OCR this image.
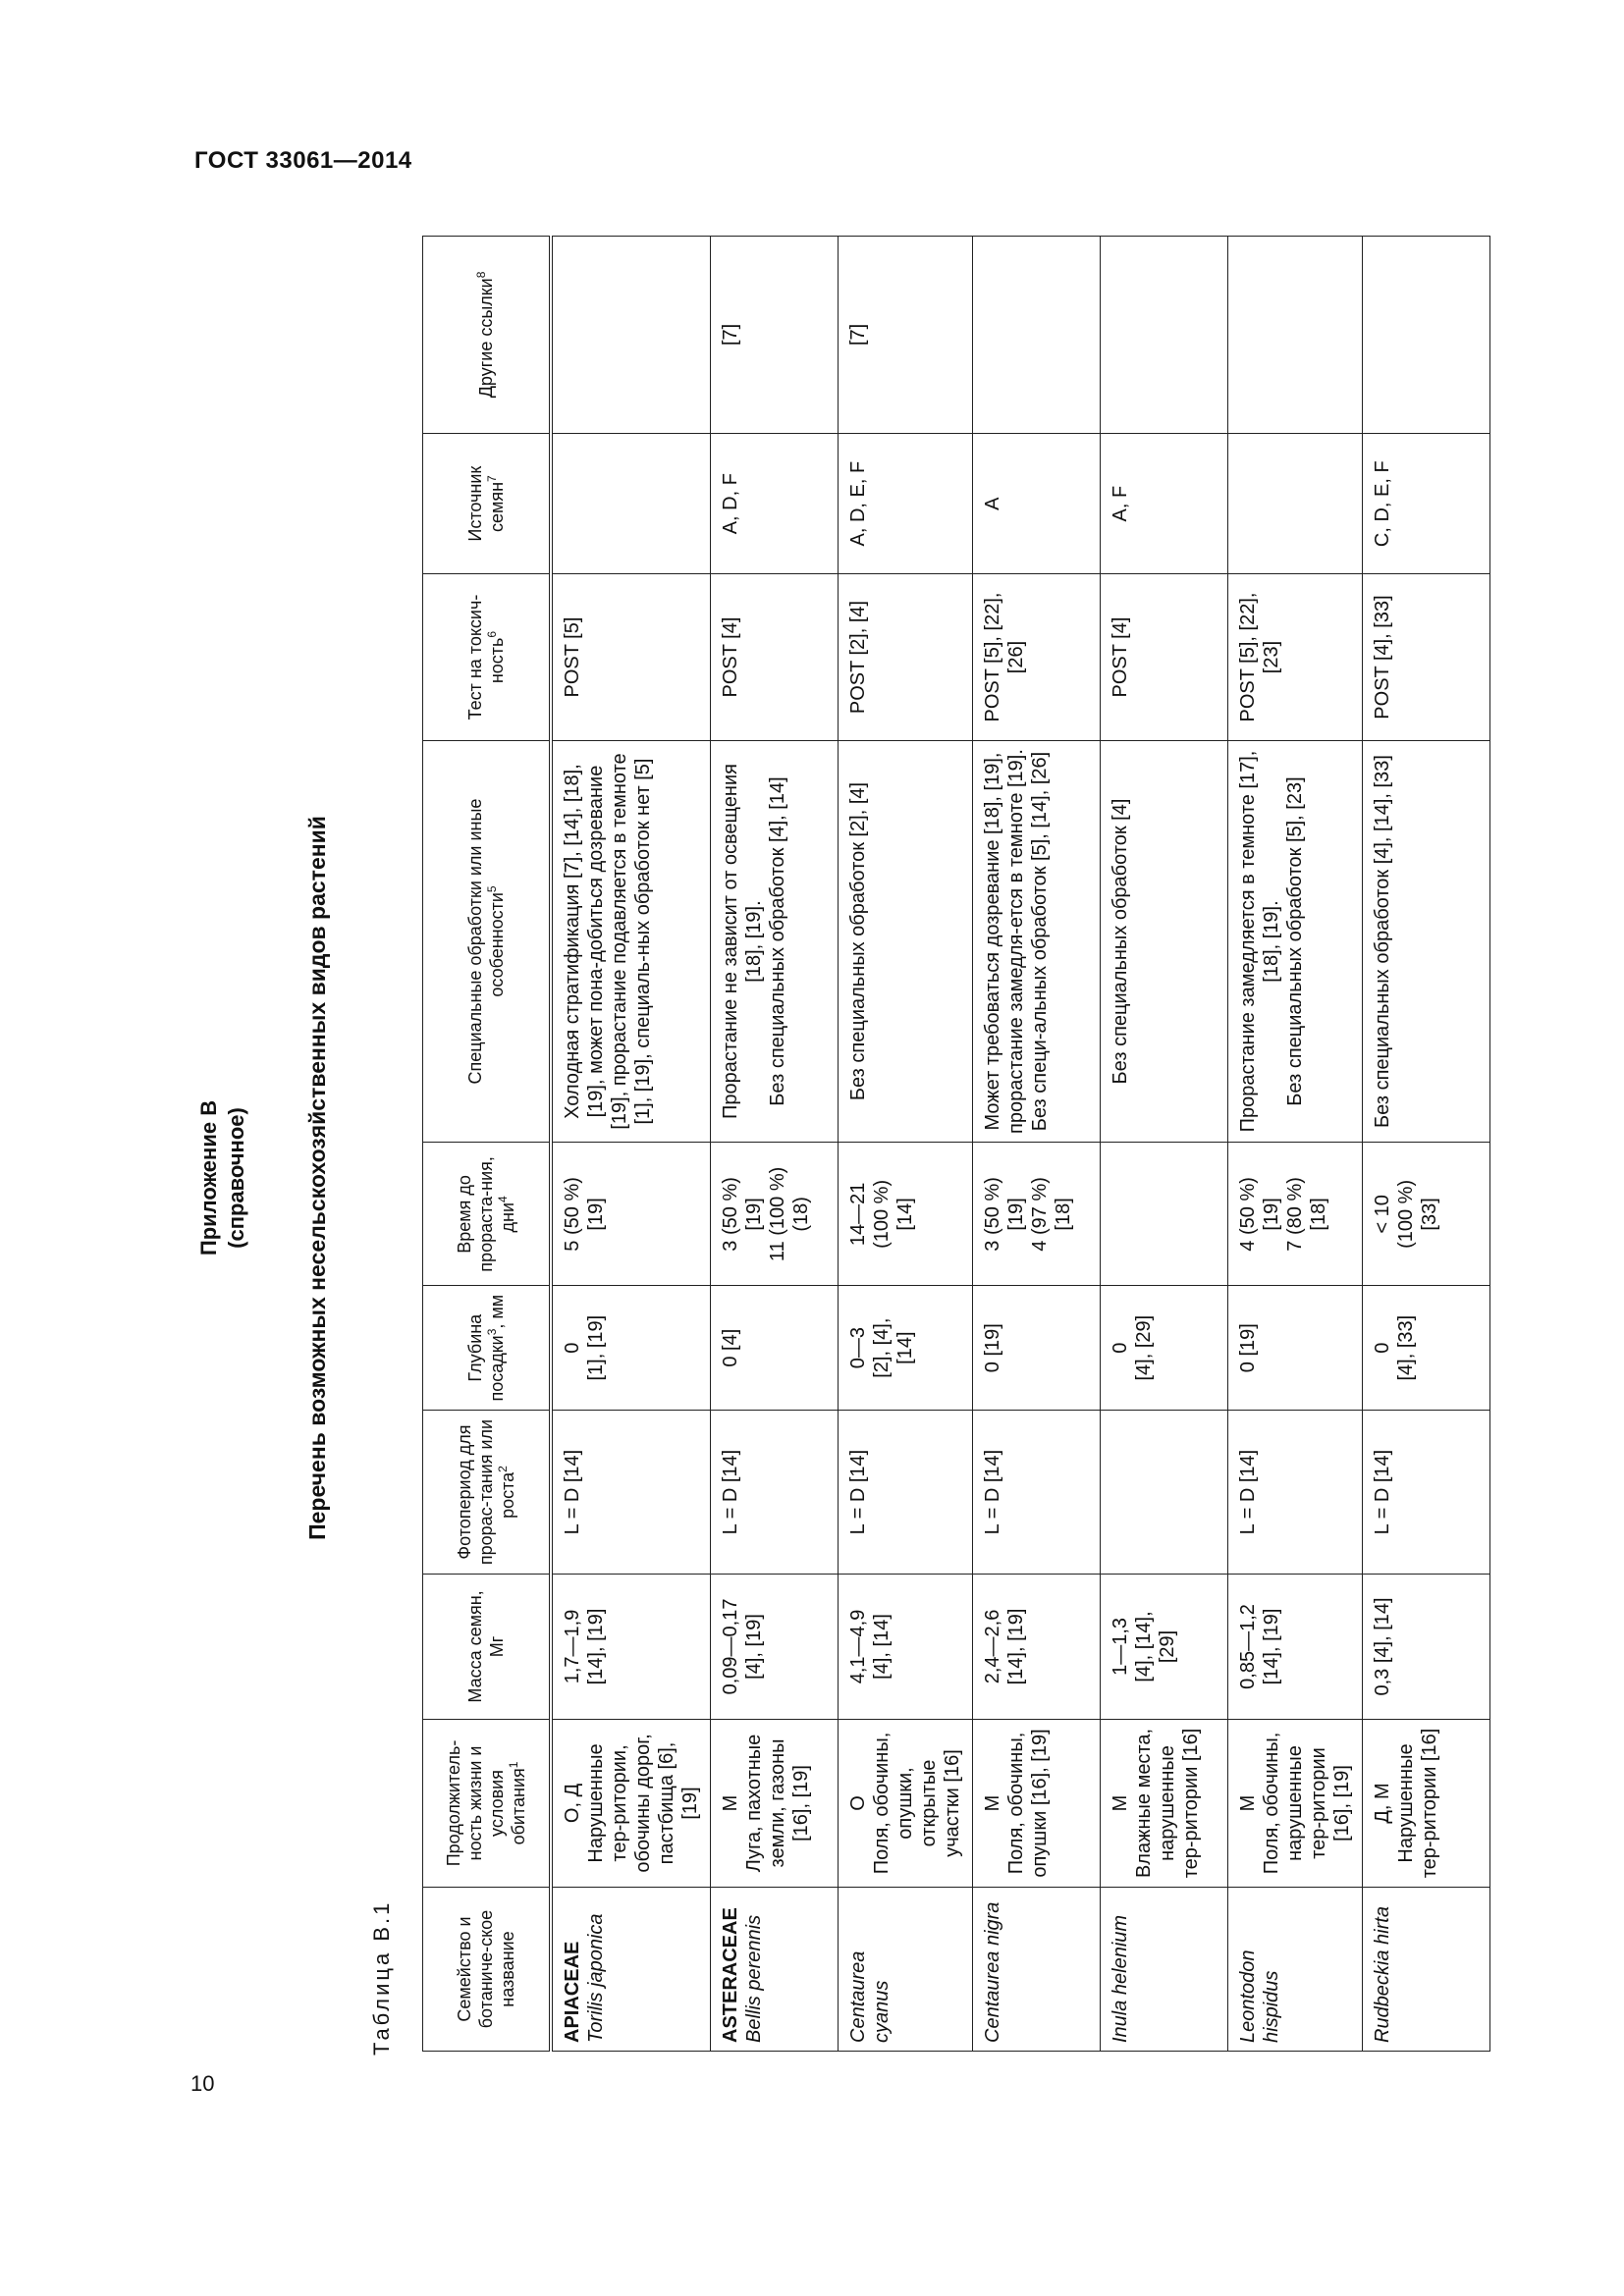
ГОСТ 33061—2014
10
Приложение В (справочное) Перечень возможных несельскохозяйственных видов растений
Таблица В.1	Семейство и ботаниче-ское название	Продолжитель-ность жизни и условия обитания$^1$	Масса семян, Мг	Фотопериод для прорас-тания или роста$^2$	Глубина посадки$^3$, мм	Время до прораста-ния, дни$^4$	Специальные обработки или иные особенности$^5$	Тест на токсич-ность$^6$	Источник семян$^7$	Другие ссылки$^8$

APIACEAE Torilis japonica	О, Д Нарушенные тер-ритории, обочины дорог, пастбища [6], [19]	1,7—1,9 [14], [19]	L = D [14]	0 [1], [19]	5 (50 %) [19]	Холодная стратификация [7], [14], [18], [19], может пона-добиться дозревание [19], прорастание подавляется в темноте [1], [19], специаль-ных обработок нет [5]	POST [5]		

ASTERACEAE Bellis perennis	М Луга, пахотные земли, газоны [16], [19]	0,09—0,17 [4], [19]	L = D [14]	0 [4]	3 (50 %) [19] 11 (100 %) (18)	Прорастание не зависит от освещения [18], [19]. Без специальных обработок [4], [14]	POST [4]	A, D, F	[7]

Centaurea cyanus	О Поля, обочины, опушки, открытые участки [16]	4,1—4,9 [4], [14]	L = D [14]	0—3 [2], [4], [14]	14—21 (100 %) [14]	Без специальных обработок [2], [4]	POST [2], [4]	A, D, E, F	[7]

Centaurea nigra	М Поля, обочины, опушки [16], [19]	2,4—2,6 [14], [19]	L = D [14]	0 [19]	3 (50 %) [19] 4 (97 %) [18]	Может требоваться дозревание [18], [19], прорастание замедля-ется в темноте [19]. Без специ-альных обработок [5], [14], [26]	POST [5], [22], [26]	A	

Inula helenium	М Влажные места, нарушенные тер-ритории [16]	1—1,3 [4], [14], [29]		0 [4], [29]		Без специальных обработок [4]	POST [4]	A, F	

Leontodon hispidus	М Поля, обочины, нарушенные тер-ритории [16], [19]	0,85—1,2 [14], [19]	L = D [14]	0 [19]	4 (50 %) [19] 7 (80 %) [18]	Прорастание замедляется в темноте [17], [18], [19]. Без специальных обработок [5], [23]	POST [5], [22], [23]		

Rudbeckia hirta	Д, М Нарушенные тер-ритории [16]	0,3 [4], [14]	L = D [14]	0 [4], [33]	< 10 (100 %) [33]	Без специальных обработок [4], [14], [33]	POST [4], [33]	C, D, E, F	
